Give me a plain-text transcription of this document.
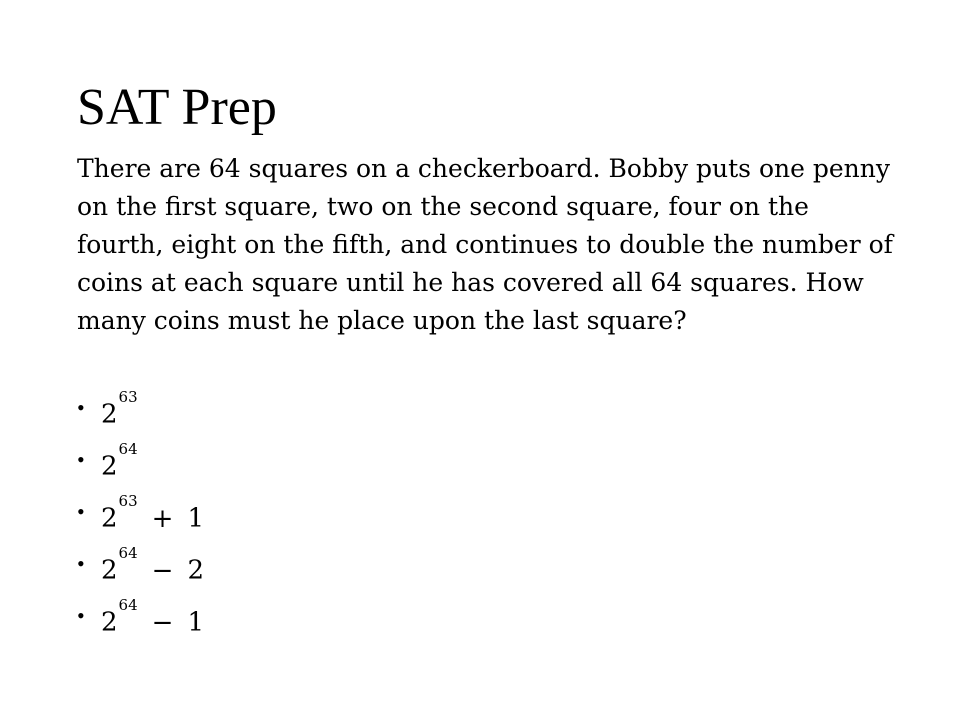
SAT Prep

There are 64 squares on a checkerboard. Bobby puts one penny on the first square, two on the second square, four on the fourth, eight on the fifth, and continues to double the number of coins at each square until he has covered all 64 squares. How many coins must he place upon the last square?

• $2^{63}$
• $2^{64}$
• $2^{63}+ 1$
• $2^{64}- 2$
• $2^{64}- 1$
